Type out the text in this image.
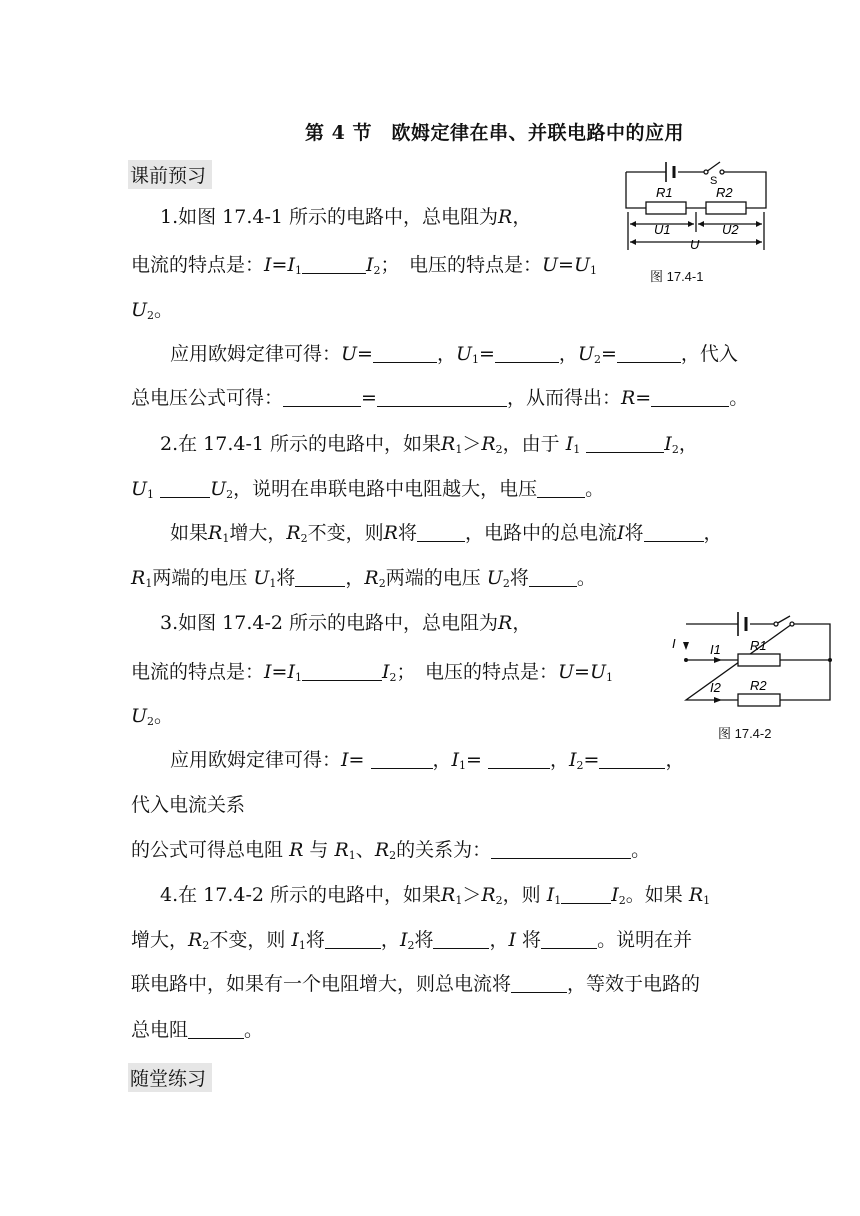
第 4 节　欧姆定律在串、并联电路中的应用
课前预习
R1	R2
S
U1	U2
U
图 17.4-1
1.如图 17.4-1 所示的电路中，总电阻为R，
电流的特点是：$I=I_1$	$I_2$；　电压的特点是：$U=U_1$
$U_2$。
应用欧姆定律可得：U=	，$U_1=$	，$U_2=$	，代入
总电压公式可得：	=	，从而得出：R=	。
2.在 17.4-1 所示的电路中，如果$R_1>R_2$，由于 $I_1$	$I_2$，
$U_1$	$U_2$，说明在串联电路中电阻越大，电压	。
如果$R_1$增大，$R_2$不变，则R将	，电路中的总电流I将	，
$R_1$两端的电压 $U_1$将	，$R_2$两端的电压 $U_2$将	。
I	I1 R1
I2 R2
图 17.4-2
3.如图 17.4-2 所示的电路中，总电阻为R，
电流的特点是：$I=I_1$	$I_2$；　电压的特点是：$U=U_1$
$U_2$。
应用欧姆定律可得：I=	，$I_1=$	，$I_2=$	，
代入电流关系
的公式可得总电阻 R 与 $R_1$、$R_2$的关系为：	。
4.在 17.4-2 所示的电路中，如果$R_1>R_2$，则 $I_1$	$I_2$。如果 $R_1$
增大，$R_2$不变，则 $I_1$将	，$I_2$将	，I 将	。说明在并
联电路中，如果有一个电阻增大，则总电流将	，等效于电路的
总电阻	。
随堂练习
